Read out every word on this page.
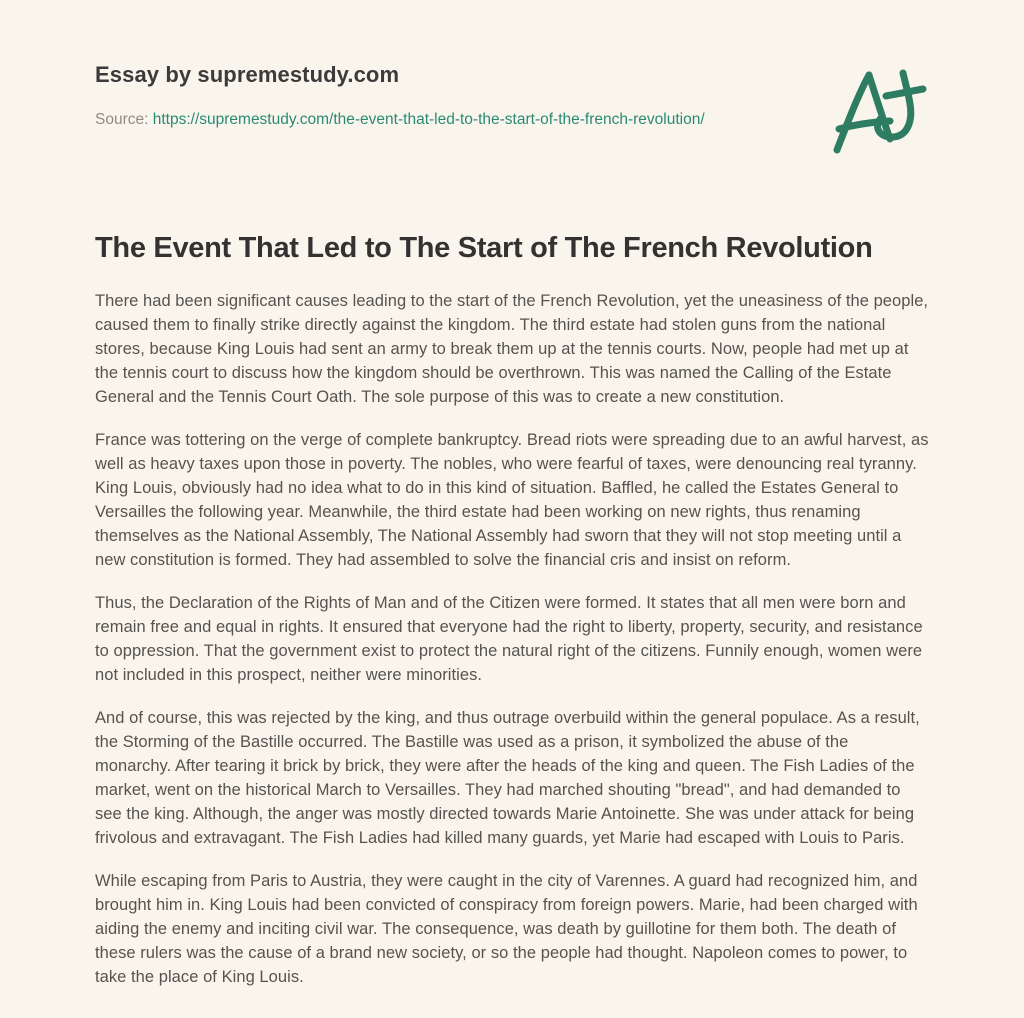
Essay by supremestudy.com

Source: https://supremestudy.com/the-event-that-led-to-the-start-of-the-french-revolution/

The Event That Led to The Start of The French Revolution

There had been significant causes leading to the start of the French Revolution, yet the uneasiness of the people, caused them to finally strike directly against the kingdom. The third estate had stolen guns from the national stores, because King Louis had sent an army to break them up at the tennis courts. Now, people had met up at the tennis court to discuss how the kingdom should be overthrown. This was named the Calling of the Estate General and the Tennis Court Oath. The sole purpose of this was to create a new constitution.

France was tottering on the verge of complete bankruptcy. Bread riots were spreading due to an awful harvest, as well as heavy taxes upon those in poverty. The nobles, who were fearful of taxes, were denouncing real tyranny. King Louis, obviously had no idea what to do in this kind of situation. Baffled, he called the Estates General to Versailles the following year. Meanwhile, the third estate had been working on new rights, thus renaming themselves as the National Assembly, The National Assembly had sworn that they will not stop meeting until a new constitution is formed. They had assembled to solve the financial cris and insist on reform.

Thus, the Declaration of the Rights of Man and of the Citizen were formed. It states that all men were born and remain free and equal in rights. It ensured that everyone had the right to liberty, property, security, and resistance to oppression. That the government exist to protect the natural right of the citizens. Funnily enough, women were not included in this prospect, neither were minorities.

And of course, this was rejected by the king, and thus outrage overbuild within the general populace. As a result, the Storming of the Bastille occurred. The Bastille was used as a prison, it symbolized the abuse of the monarchy. After tearing it brick by brick, they were after the heads of the king and queen. The Fish Ladies of the market, went on the historical March to Versailles. They had marched shouting "bread", and had demanded to see the king. Although, the anger was mostly directed towards Marie Antoinette. She was under attack for being frivolous and extravagant. The Fish Ladies had killed many guards, yet Marie had escaped with Louis to Paris.

While escaping from Paris to Austria, they were caught in the city of Varennes. A guard had recognized him, and brought him in. King Louis had been convicted of conspiracy from foreign powers. Marie, had been charged with aiding the enemy and inciting civil war. The consequence, was death by guillotine for them both. The death of these rulers was the cause of a brand new society, or so the people had thought. Napoleon comes to power, to take the place of King Louis.
